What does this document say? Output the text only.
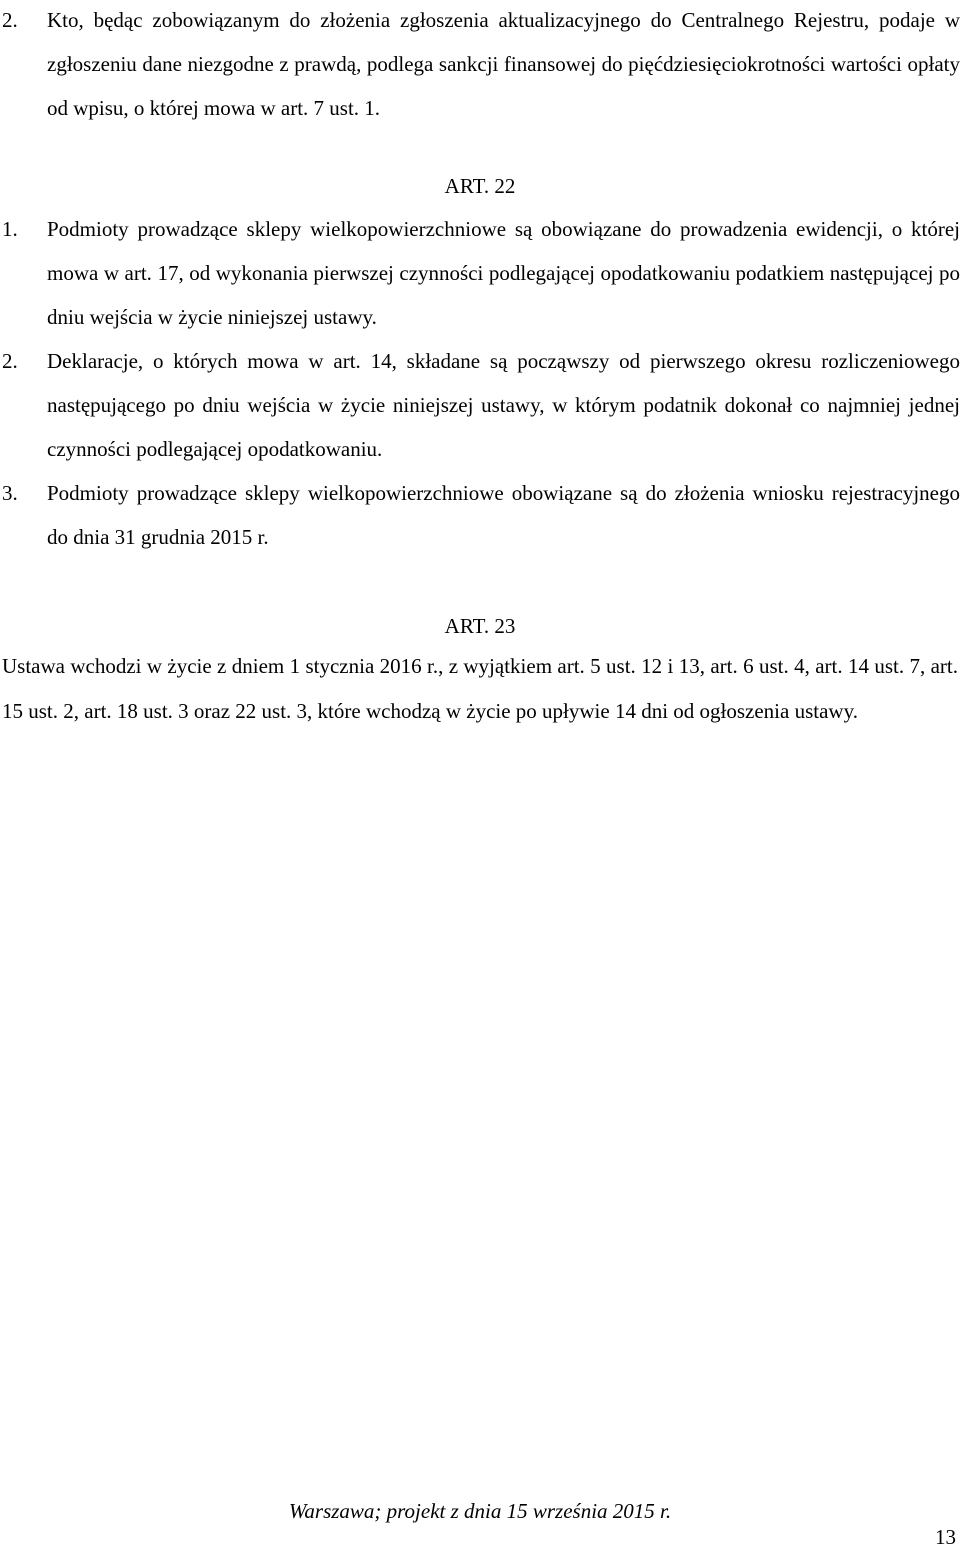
2.	Kto, będąc zobowiązanym do złożenia zgłoszenia aktualizacyjnego do Centralnego Rejestru, podaje w zgłoszeniu dane niezgodne z prawdą, podlega sankcji finansowej do pięćdziesięciokrotności wartości opłaty od wpisu, o której mowa w art. 7 ust. 1.
ART. 22
1.	Podmioty prowadzące sklepy wielkopowierzchniowe są obowiązane do prowadzenia ewidencji, o której mowa w art. 17, od wykonania pierwszej czynności podlegającej opodatkowaniu podatkiem następującej po dniu wejścia w życie niniejszej ustawy.
2.	Deklaracje, o których mowa w art. 14, składane są począwszy od pierwszego okresu rozliczeniowego następującego po dniu wejścia w życie niniejszej ustawy, w którym podatnik dokonał co najmniej jednej czynności podlegającej opodatkowaniu.
3.	Podmioty prowadzące sklepy wielkopowierzchniowe obowiązane są do złożenia wniosku rejestracyjnego do dnia 31 grudnia 2015 r.
ART. 23
Ustawa wchodzi w życie z dniem 1 stycznia 2016 r., z wyjątkiem art. 5 ust. 12 i 13, art. 6 ust. 4, art. 14 ust. 7, art. 15 ust. 2, art. 18 ust. 3 oraz 22 ust. 3, które wchodzą w życie po upływie 14 dni od ogłoszenia ustawy.
Warszawa; projekt z dnia 15 września 2015 r.
13
